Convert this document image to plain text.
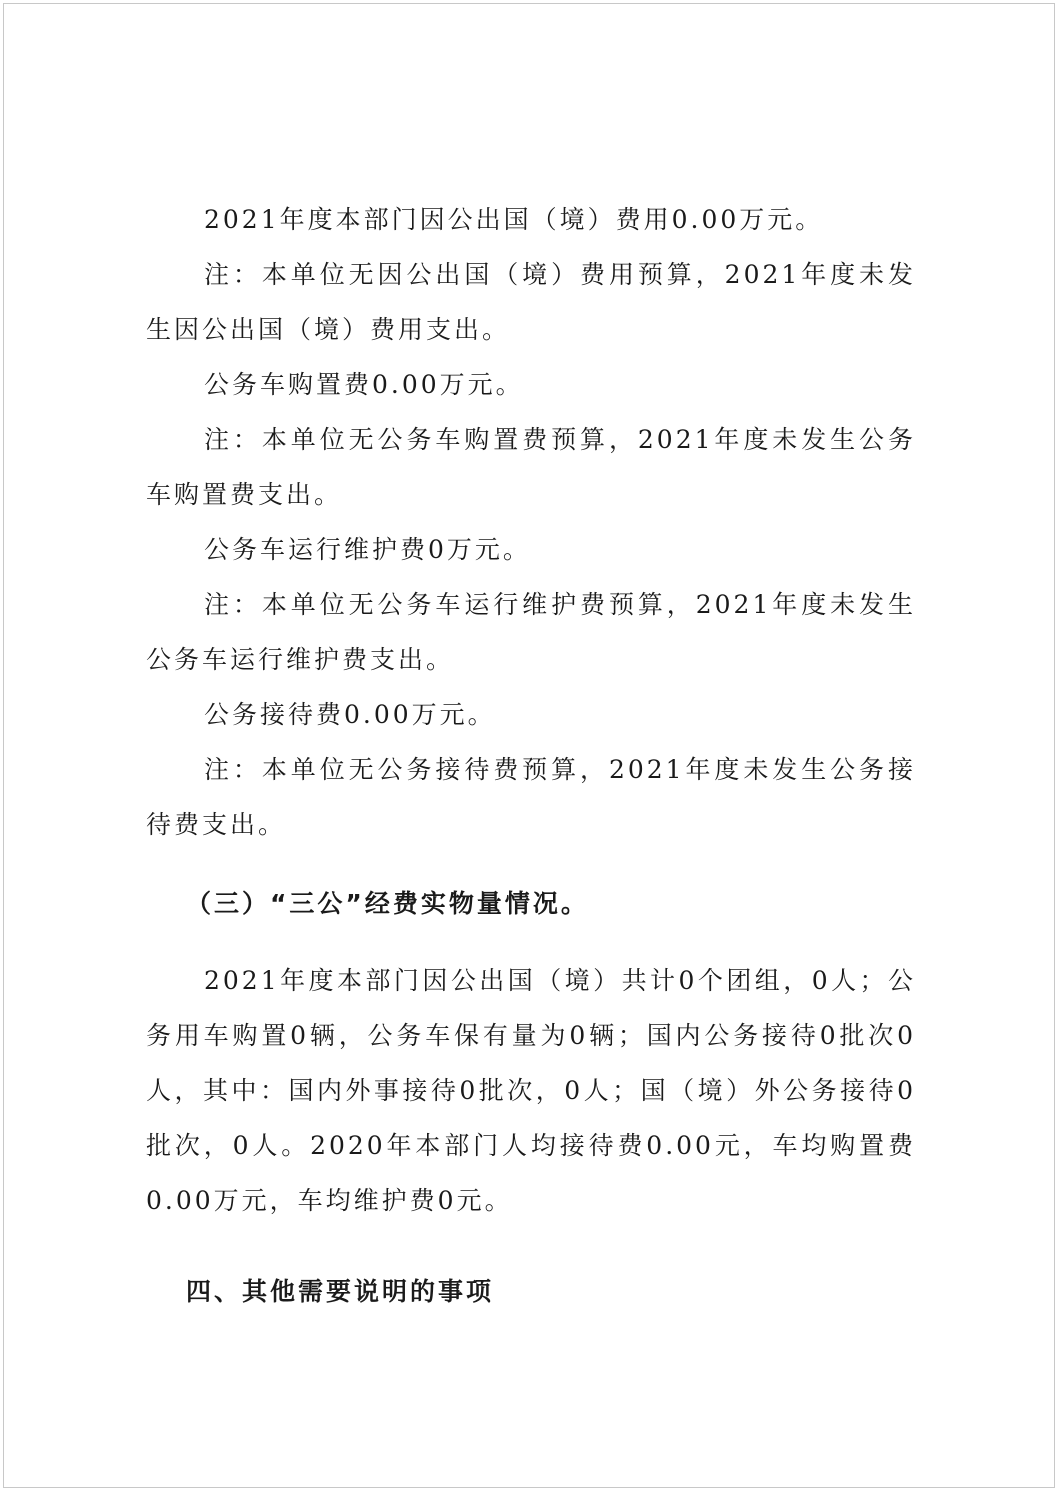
2021年度本部门因公出国（境）费用0.00万元。

注：本单位无因公出国（境）费用预算，2021年度未发生因公出国（境）费用支出。

公务车购置费0.00万元。

注：本单位无公务车购置费预算，2021年度未发生公务车购置费支出。

公务车运行维护费0万元。

注：本单位无公务车运行维护费预算，2021年度未发生公务车运行维护费支出。

公务接待费0.00万元。

注：本单位无公务接待费预算，2021年度未发生公务接待费支出。

（三）“三公”经费实物量情况。

2021年度本部门因公出国（境）共计0个团组，0人；公务用车购置0辆，公务车保有量为0辆；国内公务接待0批次0人，其中：国内外事接待0批次，0人；国（境）外公务接待0批次，0人。2020年本部门人均接待费0.00元，车均购置费0.00万元，车均维护费0元。

四、其他需要说明的事项
